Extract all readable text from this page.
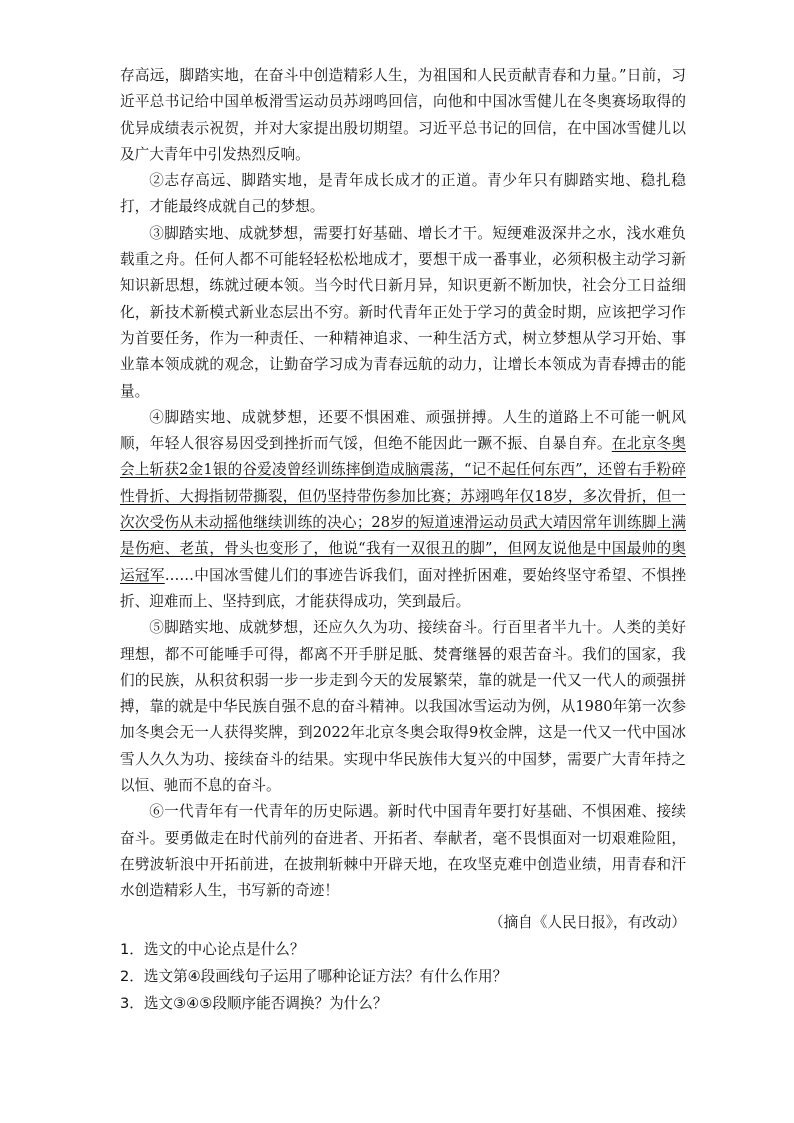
存高远，脚踏实地，在奋斗中创造精彩人生，为祖国和人民贡献青春和力量。”日前，习近平总书记给中国单板滑雪运动员苏翊鸣回信，向他和中国冰雪健儿在冬奥赛场取得的优异成绩表示祝贺，并对大家提出殷切期望。习近平总书记的回信，在中国冰雪健儿以及广大青年中引发热烈反响。

②志存高远、脚踏实地，是青年成长成才的正道。青少年只有脚踏实地、稳扎稳打，才能最终成就自己的梦想。

③脚踏实地、成就梦想，需要打好基础、增长才干。短绠难汲深井之水，浅水难负载重之舟。任何人都不可能轻轻松松地成才，要想干成一番事业，必须积极主动学习新知识新思想，练就过硬本领。当今时代日新月异，知识更新不断加快，社会分工日益细化，新技术新模式新业态层出不穷。新时代青年正处于学习的黄金时期，应该把学习作为首要任务，作为一种责任、一种精神追求、一种生活方式，树立梦想从学习开始、事业靠本领成就的观念，让勤奋学习成为青春远航的动力，让增长本领成为青春搏击的能量。

④脚踏实地、成就梦想，还要不惧困难、顽强拼搏。人生的道路上不可能一帆风顺，年轻人很容易因受到挫折而气馁，但绝不能因此一蹶不振、自暴自弃。在北京冬奥会上斩获2金1银的谷爱凌曾经训练摔倒造成脑震荡，“记不起任何东西”，还曾右手粉碎性骨折、大拇指韧带撕裂，但仍坚持带伤参加比赛；苏翊鸣年仅18岁，多次骨折，但一次次受伤从未动摇他继续训练的决心；28岁的短道速滑运动员武大靖因常年训练脚上满是伤疤、老茧，骨头也变形了，他说“我有一双很丑的脚”，但网友说他是中国最帅的奥运冠军……中国冰雪健儿们的事迹告诉我们，面对挫折困难，要始终坚守希望、不惧挫折、迎难而上、坚持到底，才能获得成功，笑到最后。

⑤脚踏实地、成就梦想，还应久久为功、接续奋斗。行百里者半九十。人类的美好理想，都不可能唾手可得，都离不开手胼足胝、焚膏继晷的艰苦奋斗。我们的国家，我们的民族，从积贫积弱一步一步走到今天的发展繁荣，靠的就是一代又一代人的顽强拼搏，靠的就是中华民族自强不息的奋斗精神。以我国冰雪运动为例，从1980年第一次参加冬奥会无一人获得奖牌，到2022年北京冬奥会取得9枚金牌，这是一代又一代中国冰雪人久久为功、接续奋斗的结果。实现中华民族伟大复兴的中国梦，需要广大青年持之以恒、驰而不息的奋斗。

⑥一代青年有一代青年的历史际遇。新时代中国青年要打好基础、不惧困难、接续奋斗。要勇做走在时代前列的奋进者、开拓者、奉献者，毫不畏惧面对一切艰难险阻，在劈波斩浪中开拓前进，在披荆斩棘中开辟天地，在攻坚克难中创造业绩，用青春和汗水创造精彩人生，书写新的奇迹！

（摘自《人民日报》，有改动）

1．选文的中心论点是什么？

2．选文第④段画线句子运用了哪种论证方法？有什么作用？

3．选文③④⑤段顺序能否调换？为什么？
